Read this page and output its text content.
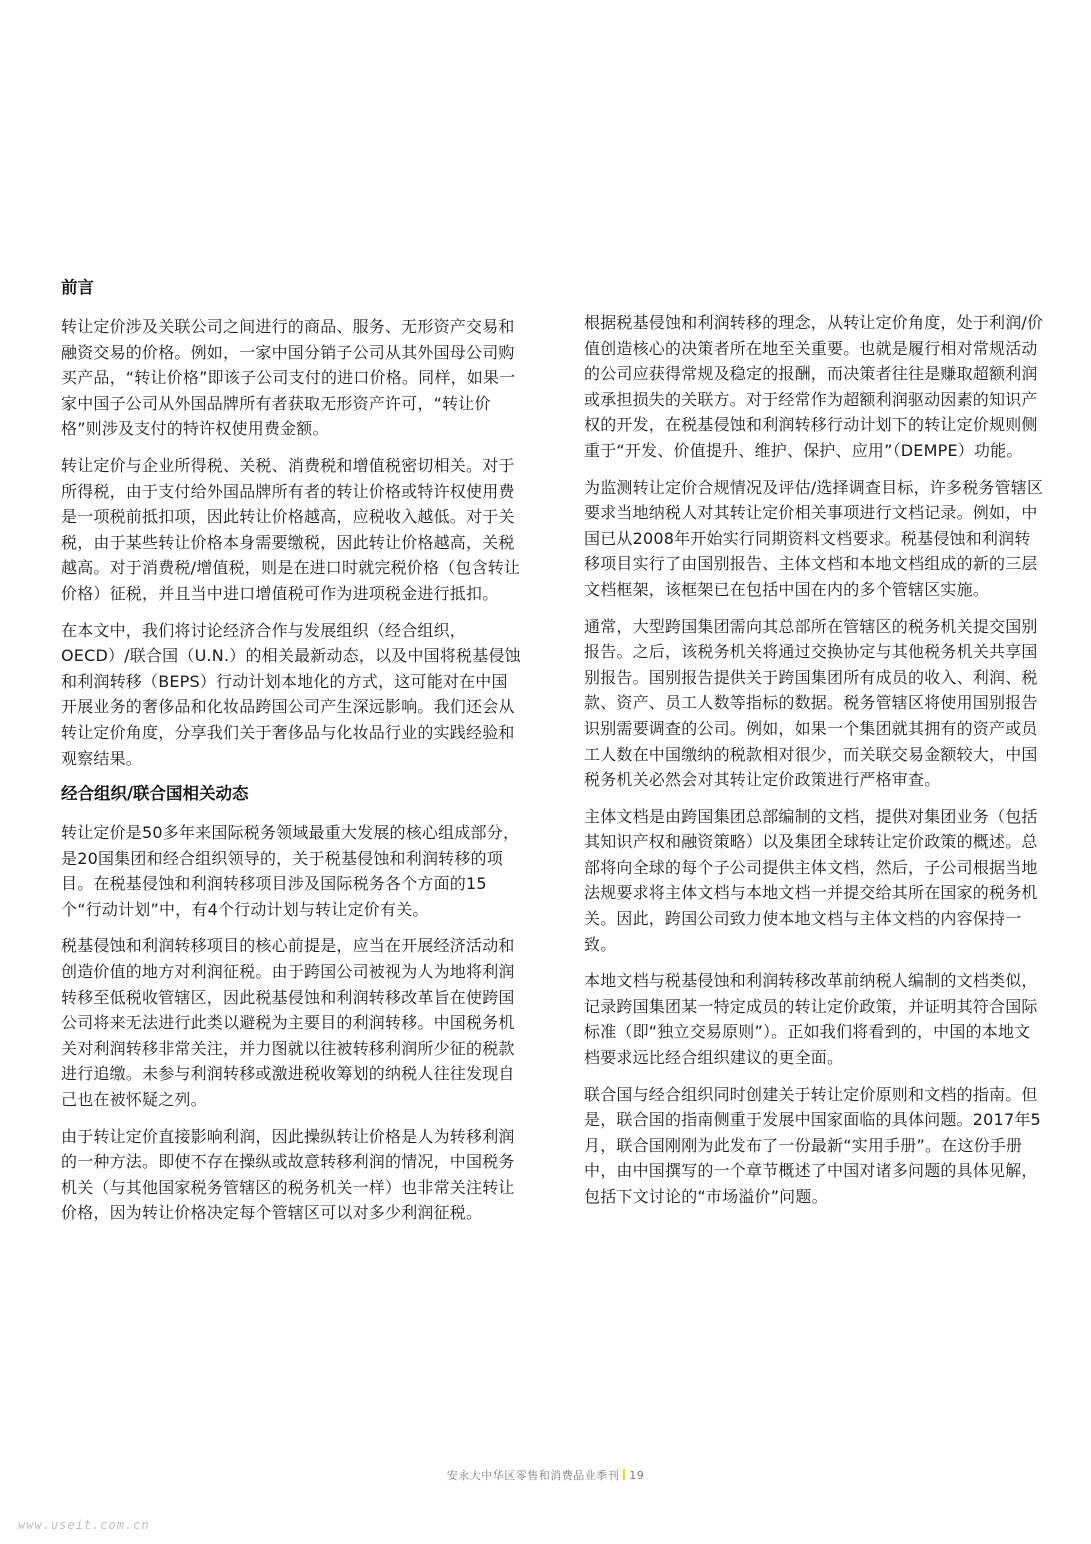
前言

转让定价涉及关联公司之间进行的商品、服务、无形资产交易和融资交易的价格。例如，一家中国分销子公司从其外国母公司购买产品，“转让价格”即该子公司支付的进口价格。同样，如果一家中国子公司从外国品牌所有者获取无形资产许可，“转让价格”则涉及支付的特许权使用费金额。

转让定价与企业所得税、关税、消费税和增值税密切相关。对于所得税，由于支付给外国品牌所有者的转让价格或特许权使用费是一项税前抵扣项，因此转让价格越高，应税收入越低。对于关税，由于某些转让价格本身需要缴税，因此转让价格越高，关税越高。对于消费税/增值税，则是在进口时就完税价格（包含转让价格）征税，并且当中进口增值税可作为进项税金进行抵扣。

在本文中，我们将讨论经济合作与发展组织（经合组织，OECD）/联合国（U.N.）的相关最新动态，以及中国将税基侵蚀和利润转移（BEPS）行动计划本地化的方式，这可能对在中国开展业务的奢侈品和化妆品跨国公司产生深远影响。我们还会从转让定价角度，分享我们关于奢侈品与化妆品行业的实践经验和观察结果。

经合组织/联合国相关动态

转让定价是50多年来国际税务领域最重大发展的核心组成部分，是20国集团和经合组织领导的，关于税基侵蚀和利润转移的项目。在税基侵蚀和利润转移项目涉及国际税务各个方面的15个“行动计划”中，有4个行动计划与转让定价有关。

税基侵蚀和利润转移项目的核心前提是，应当在开展经济活动和创造价值的地方对利润征税。由于跨国公司被视为人为地将利润转移至低税收管辖区，因此税基侵蚀和利润转移改革旨在使跨国公司将来无法进行此类以避税为主要目的利润转移。中国税务机关对利润转移非常关注，并力图就以往被转移利润所少征的税款进行追缴。未参与利润转移或激进税收筹划的纳税人往往发现自己也在被怀疑之列。

由于转让定价直接影响利润，因此操纵转让价格是人为转移利润的一种方法。即使不存在操纵或故意转移利润的情况，中国税务机关（与其他国家税务管辖区的税务机关一样）也非常关注转让价格，因为转让价格决定每个管辖区可以对多少利润征税。

根据税基侵蚀和利润转移的理念，从转让定价角度，处于利润/价值创造核心的决策者所在地至关重要。也就是履行相对常规活动的公司应获得常规及稳定的报酬，而决策者往往是赚取超额利润或承担损失的关联方。对于经常作为超额利润驱动因素的知识产权的开发，在税基侵蚀和利润转移行动计划下的转让定价规则侧重于“开发、价值提升、维护、保护、应用”（DEMPE）功能。

为监测转让定价合规情况及评估/选择调查目标，许多税务管辖区要求当地纳税人对其转让定价相关事项进行文档记录。例如，中国已从2008年开始实行同期资料文档要求。税基侵蚀和利润转移项目实行了由国别报告、主体文档和本地文档组成的新的三层文档框架，该框架已在包括中国在内的多个管辖区实施。

通常，大型跨国集团需向其总部所在管辖区的税务机关提交国别报告。之后，该税务机关将通过交换协定与其他税务机关共享国别报告。国别报告提供关于跨国集团所有成员的收入、利润、税款、资产、员工人数等指标的数据。税务管辖区将使用国别报告识别需要调查的公司。例如，如果一个集团就其拥有的资产或员工人数在中国缴纳的税款相对很少，而关联交易金额较大，中国税务机关必然会对其转让定价政策进行严格审查。

主体文档是由跨国集团总部编制的文档，提供对集团业务（包括其知识产权和融资策略）以及集团全球转让定价政策的概述。总部将向全球的每个子公司提供主体文档，然后，子公司根据当地法规要求将主体文档与本地文档一并提交给其所在国家的税务机关。因此，跨国公司致力使本地文档与主体文档的内容保持一致。

本地文档与税基侵蚀和利润转移改革前纳税人编制的文档类似，记录跨国集团某一特定成员的转让定价政策，并证明其符合国际标准（即“独立交易原则”）。正如我们将看到的，中国的本地文档要求远比经合组织建议的更全面。

联合国与经合组织同时创建关于转让定价原则和文档的指南。但是，联合国的指南侧重于发展中国家面临的具体问题。2017年5月，联合国刚刚为此发布了一份最新“实用手册”。在这份手册中，由中国撰写的一个章节概述了中国对诸多问题的具体见解，包括下文讨论的“市场溢价”问题。

安永大中华区零售和消费品业季刊 19
www.useit.com.cn
